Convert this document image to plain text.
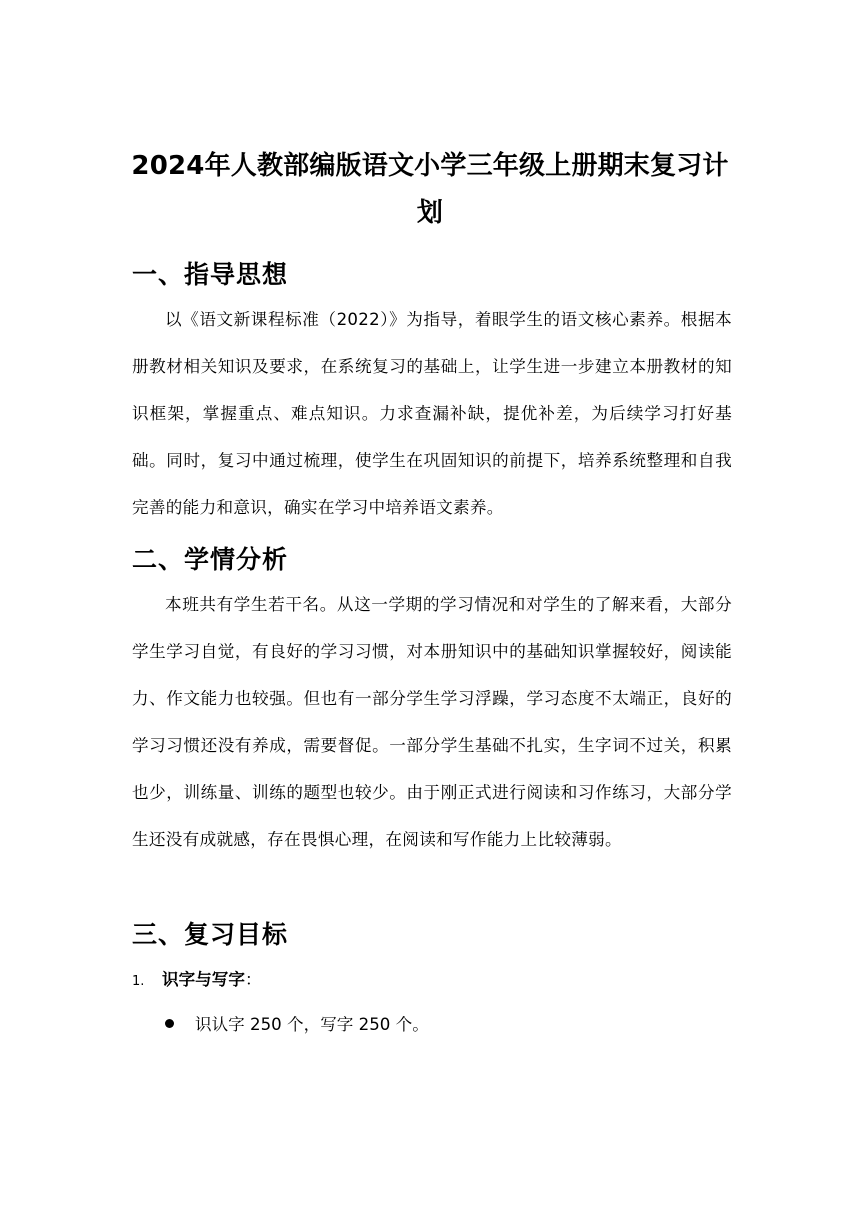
2024年人教部编版语文小学三年级上册期末复习计划
一、指导思想

以《语文新课程标准（2022）》为指导，着眼学生的语文核心素养。根据本册教材相关知识及要求，在系统复习的基础上，让学生进一步建立本册教材的知识框架，掌握重点、难点知识。力求查漏补缺，提优补差，为后续学习打好基础。同时，复习中通过梳理，使学生在巩固知识的前提下，培养系统整理和自我完善的能力和意识，确实在学习中培养语文素养。

二、学情分析

本班共有学生若干名。从这一学期的学习情况和对学生的了解来看，大部分学生学习自觉，有良好的学习习惯，对本册知识中的基础知识掌握较好，阅读能力、作文能力也较强。但也有一部分学生学习浮躁，学习态度不太端正，良好的学习习惯还没有养成，需要督促。一部分学生基础不扎实，生字词不过关，积累也少，训练量、训练的题型也较少。由于刚正式进行阅读和习作练习，大部分学生还没有成就感，存在畏惧心理，在阅读和写作能力上比较薄弱。

三、复习目标

1. 识字与写字：

识认字 250 个，写字 250 个。
